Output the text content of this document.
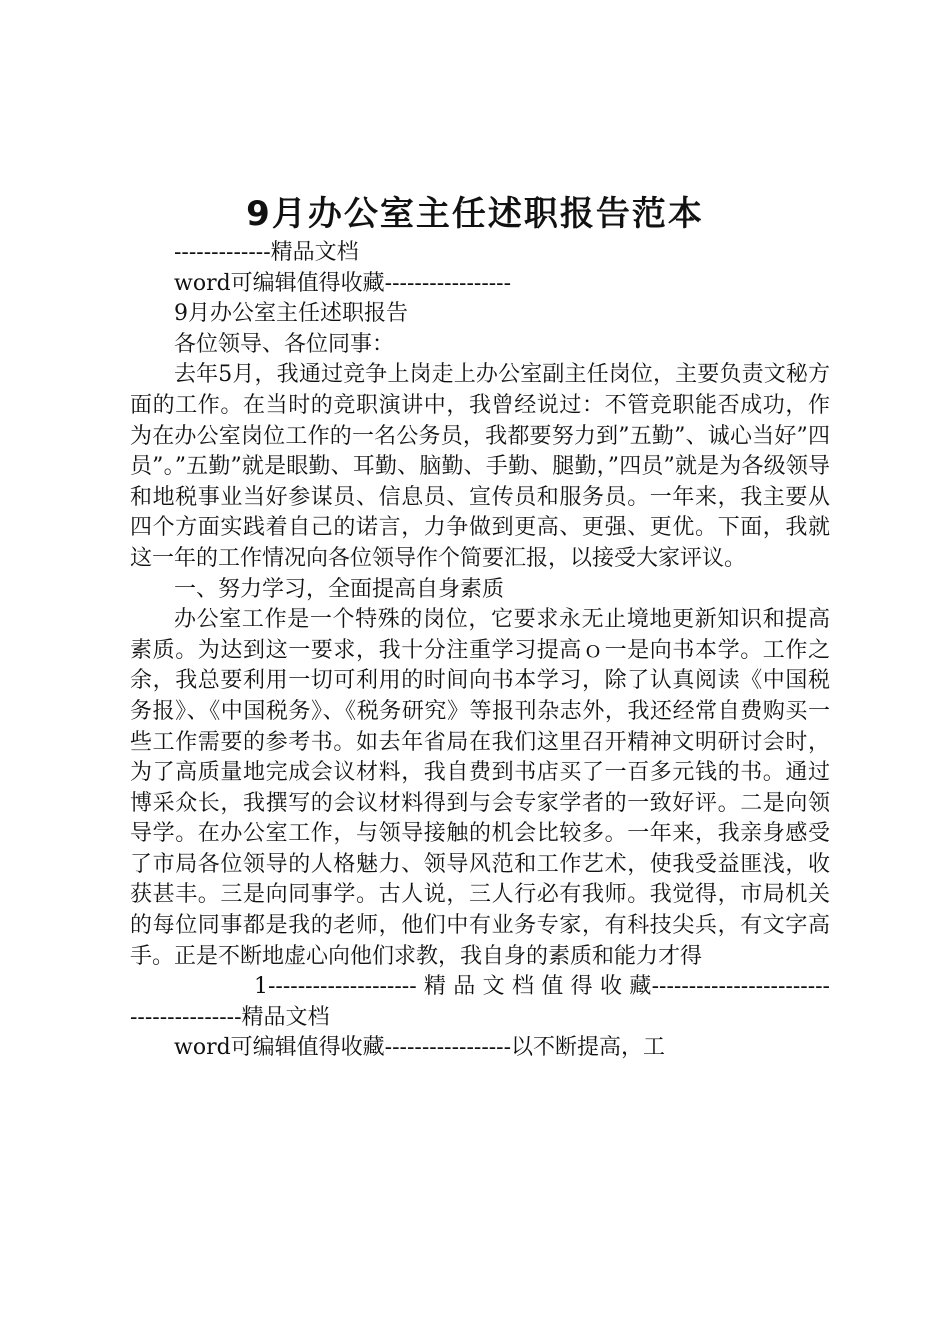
9月办公室主任述职报告范本

-------------精品文档

word可编辑值得收藏-----------------

9月办公室主任述职报告

各位领导、各位同事：

去年5月，我通过竞争上岗走上办公室副主任岗位，主要负责文秘方面的工作。在当时的竞职演讲中，我曾经说过：不管竞职能否成功，作为在办公室岗位工作的一名公务员，我都要努力到”五勤”、诚心当好”四员”。”五勤”就是眼勤、耳勤、脑勤、手勤、腿勤，”四员”就是为各级领导和地税事业当好参谋员、信息员、宣传员和服务员。一年来，我主要从四个方面实践着自己的诺言，力争做到更高、更强、更优。下面，我就这一年的工作情况向各位领导作个简要汇报，以接受大家评议。

一、努力学习，全面提高自身素质

办公室工作是一个特殊的岗位，它要求永无止境地更新知识和提高素质。为达到这一要求，我十分注重学习提高ｏ一是向书本学。工作之余，我总要利用一切可利用的时间向书本学习，除了认真阅读《中国税务报》、《中国税务》、《税务研究》等报刊杂志外，我还经常自费购买一些工作需要的参考书。如去年省局在我们这里召开精神文明研讨会时，为了高质量地完成会议材料，我自费到书店买了一百多元钱的书。通过博采众长，我撰写的会议材料得到与会专家学者的一致好评。二是向领导学。在办公室工作，与领导接触的机会比较多。一年来，我亲身感受了市局各位领导的人格魅力、领导风范和工作艺术，使我受益匪浅，收获甚丰。三是向同事学。古人说，三人行必有我师。我觉得，市局机关的每位同事都是我的老师，他们中有业务专家，有科技尖兵，有文字高手。正是不断地虚心向他们求教，我自身的素质和能力才得

1-------------------- 精 品 文 档 值 得 收 藏---------------------------------------精品文档

word可编辑值得收藏-----------------以不断提高，工
